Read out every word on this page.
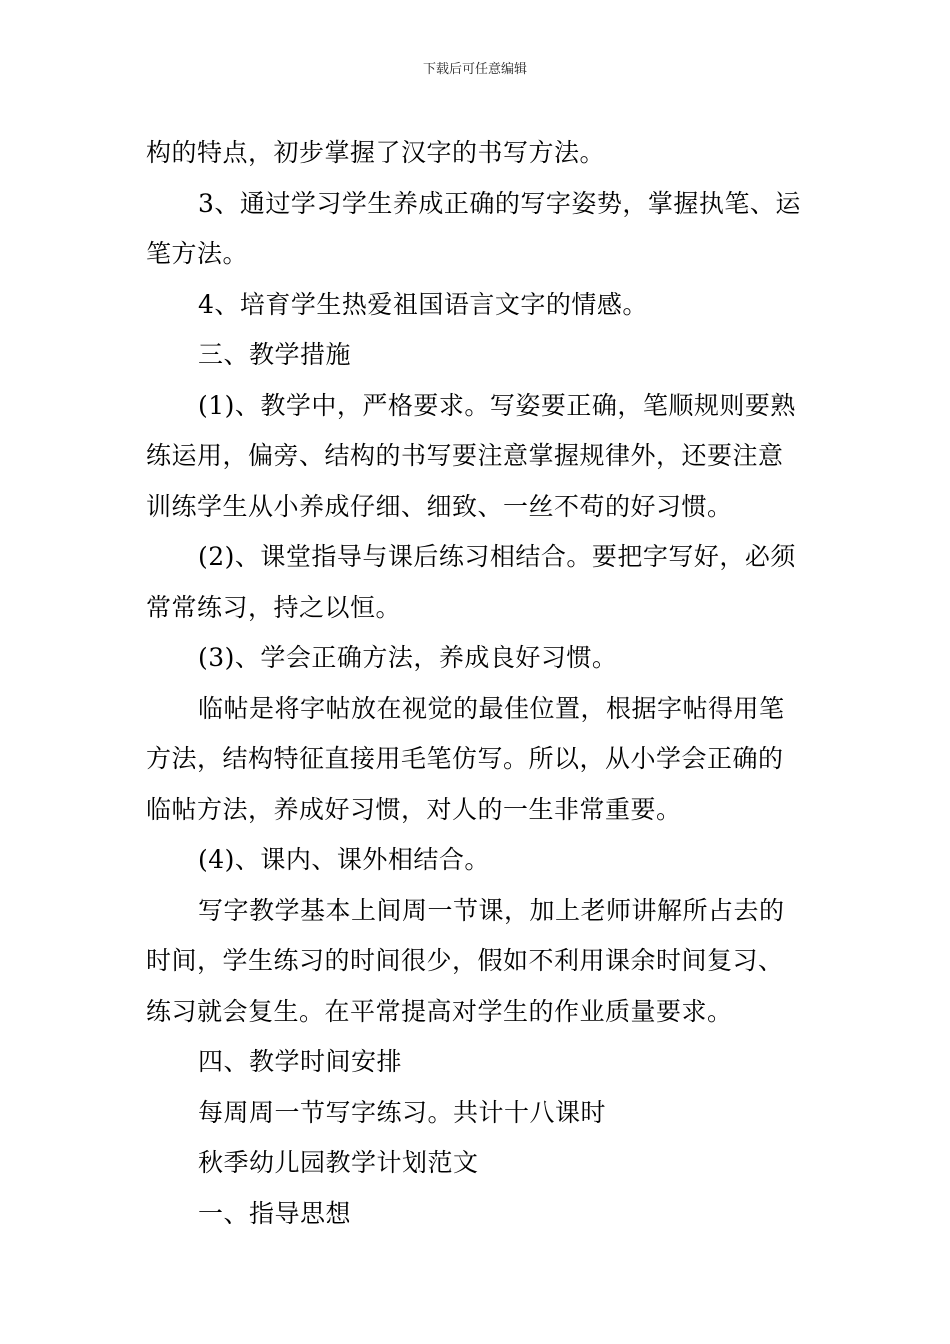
下载后可任意编辑
构的特点，初步掌握了汉字的书写方法。
3、通过学习学生养成正确的写字姿势，掌握执笔、运
笔方法。
4、培育学生热爱祖国语言文字的情感。
三、教学措施
(1)、教学中，严格要求。写姿要正确，笔顺规则要熟
练运用，偏旁、结构的书写要注意掌握规律外，还要注意
训练学生从小养成仔细、细致、一丝不苟的好习惯。
(2)、课堂指导与课后练习相结合。要把字写好，必须
常常练习，持之以恒。
(3)、学会正确方法，养成良好习惯。
临帖是将字帖放在视觉的最佳位置，根据字帖得用笔
方法，结构特征直接用毛笔仿写。所以，从小学会正确的
临帖方法，养成好习惯，对人的一生非常重要。
(4)、课内、课外相结合。
写字教学基本上间周一节课，加上老师讲解所占去的
时间，学生练习的时间很少，假如不利用课余时间复习、
练习就会复生。在平常提高对学生的作业质量要求。
四、教学时间安排
每周周一节写字练习。共计十八课时
秋季幼儿园教学计划范文
一、指导思想
